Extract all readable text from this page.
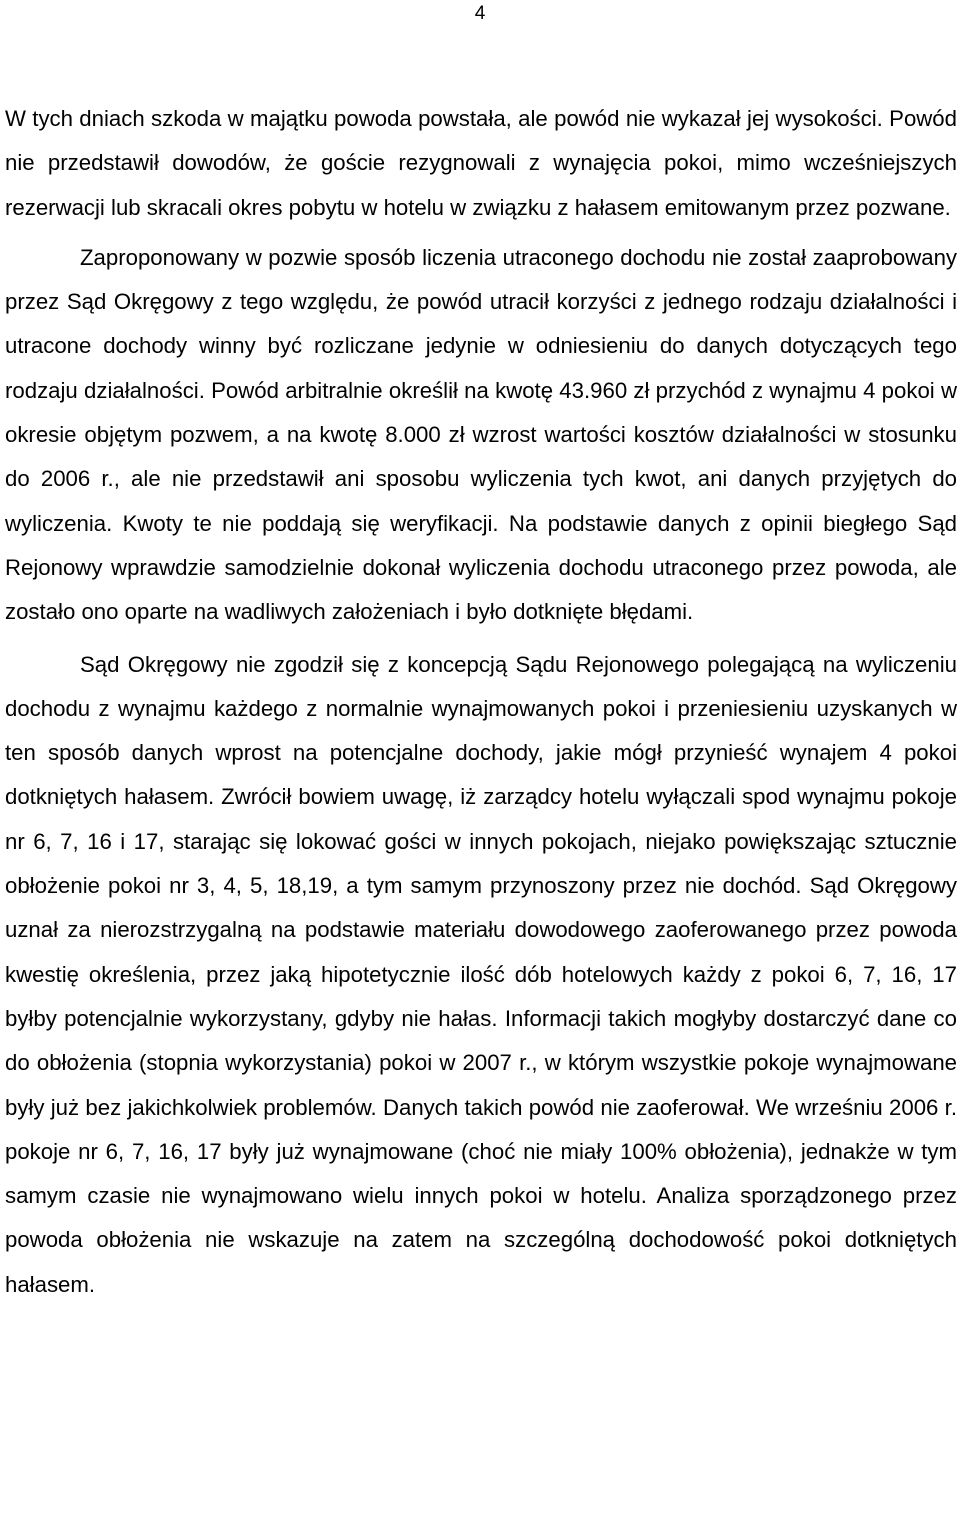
4

W tych dniach szkoda w majątku powoda powstała, ale powód nie wykazał jej wysokości. Powód nie przedstawił dowodów, że goście rezygnowali z wynajęcia pokoi, mimo wcześniejszych rezerwacji lub skracali okres pobytu w hotelu w związku z hałasem emitowanym przez pozwane.

Zaproponowany w pozwie sposób liczenia utraconego dochodu nie został zaaprobowany przez Sąd Okręgowy z tego względu, że powód utracił korzyści z jednego rodzaju działalności i utracone dochody winny być rozliczane jedynie w odniesieniu do danych dotyczących tego rodzaju działalności. Powód arbitralnie określił na kwotę 43.960 zł przychód z wynajmu 4 pokoi w okresie objętym pozwem, a na kwotę 8.000 zł wzrost wartości kosztów działalności w stosunku do 2006 r., ale nie przedstawił ani sposobu wyliczenia tych kwot, ani danych przyjętych do wyliczenia. Kwoty te nie poddają się weryfikacji. Na podstawie danych z opinii biegłego Sąd Rejonowy wprawdzie samodzielnie dokonał wyliczenia dochodu utraconego przez powoda, ale zostało ono oparte na wadliwych założeniach i było dotknięte błędami.

Sąd Okręgowy nie zgodził się z koncepcją Sądu Rejonowego polegającą na wyliczeniu dochodu z wynajmu każdego z normalnie wynajmowanych pokoi i przeniesieniu uzyskanych w ten sposób danych wprost na potencjalne dochody, jakie mógł przynieść wynajem 4 pokoi dotkniętych hałasem. Zwrócił bowiem uwagę, iż zarządcy hotelu wyłączali spod wynajmu pokoje nr 6, 7, 16 i 17, starając się lokować gości w innych pokojach, niejako powiększając sztucznie obłożenie pokoi nr 3, 4, 5, 18,19, a tym samym przynoszony przez nie dochód. Sąd Okręgowy uznał za nierozstrzygalną na podstawie materiału dowodowego zaoferowanego przez powoda kwestię określenia, przez jaką hipotetycznie ilość dób hotelowych każdy z pokoi 6, 7, 16, 17 byłby potencjalnie wykorzystany, gdyby nie hałas. Informacji takich mogłyby dostarczyć dane co do obłożenia (stopnia wykorzystania) pokoi w 2007 r., w którym wszystkie pokoje wynajmowane były już bez jakichkolwiek problemów. Danych takich powód nie zaoferował. We wrześniu 2006 r. pokoje nr 6, 7, 16, 17 były już wynajmowane (choć nie miały 100% obłożenia), jednakże w tym samym czasie nie wynajmowano wielu innych pokoi w hotelu. Analiza sporządzonego przez powoda obłożenia nie wskazuje na zatem na szczególną dochodowość pokoi dotkniętych hałasem.
